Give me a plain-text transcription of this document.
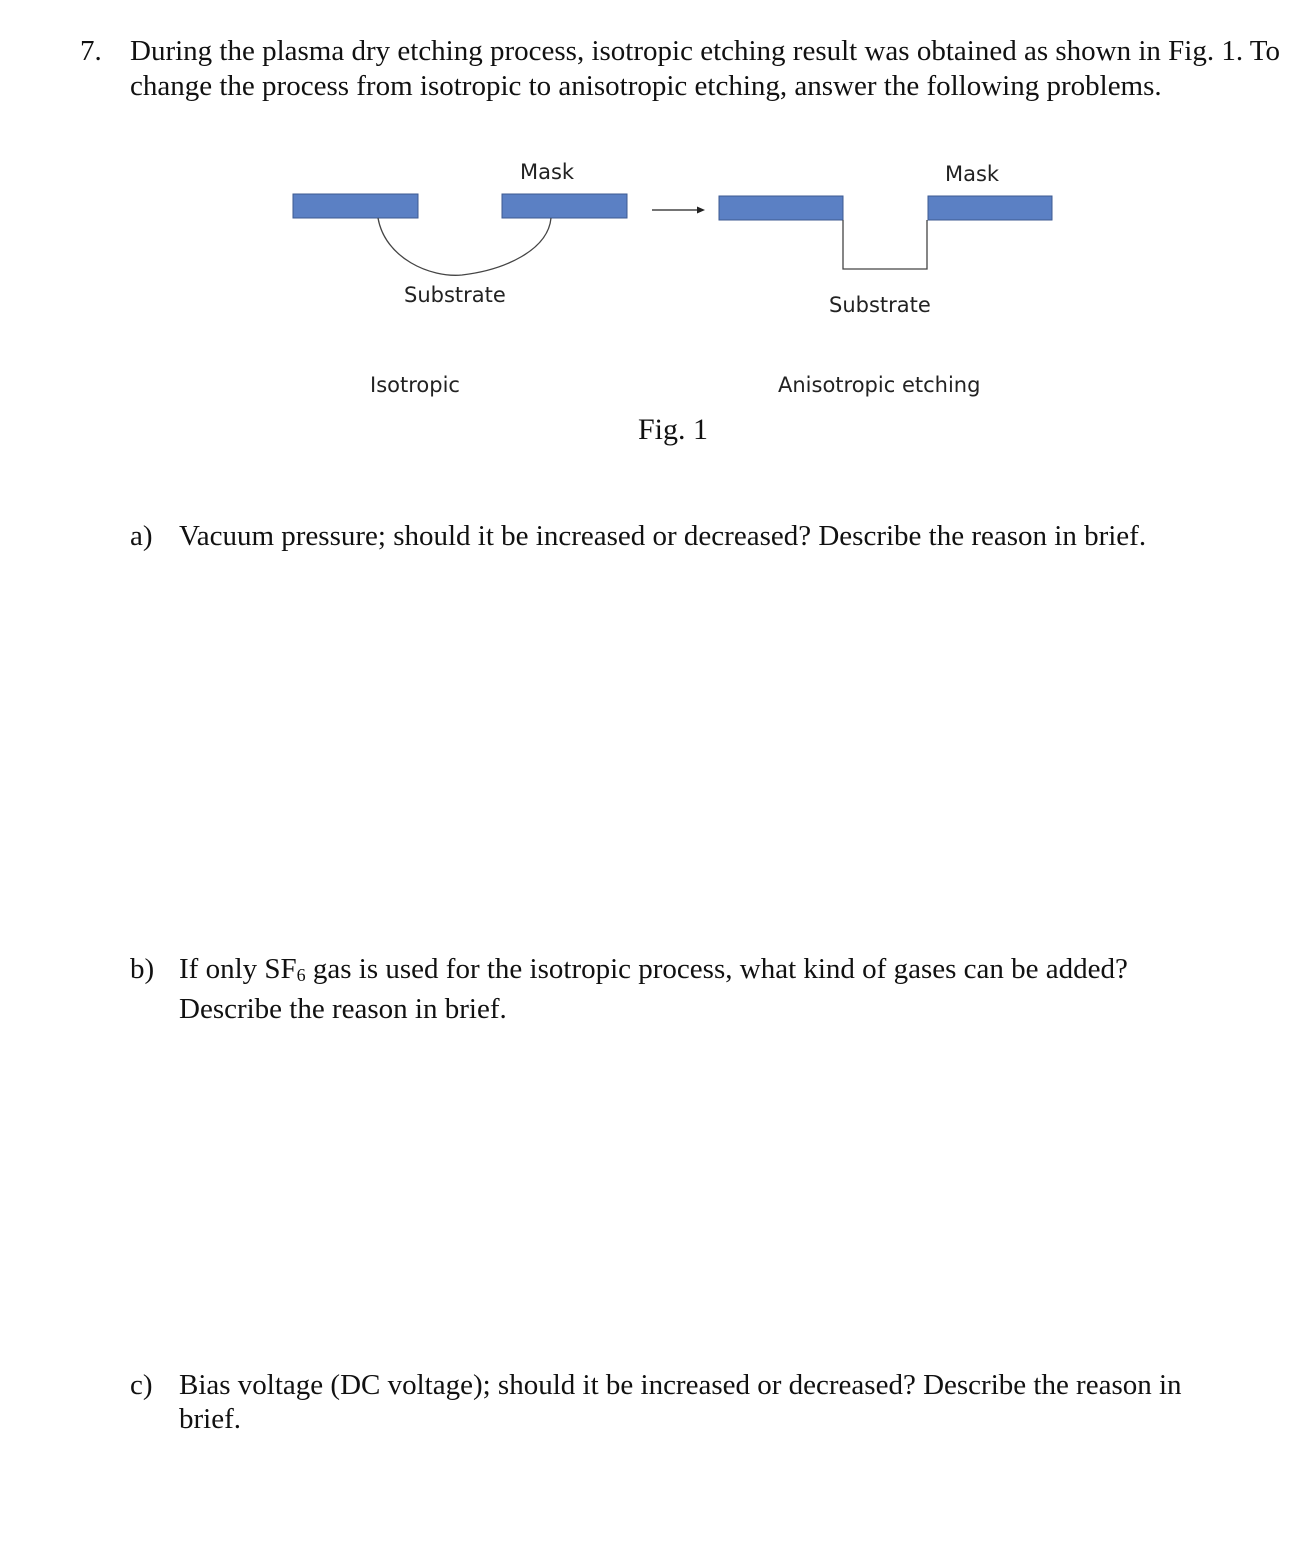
7. During the plasma dry etching process, isotropic etching result was obtained as shown in Fig. 1. To change the process from isotropic to anisotropic etching, answer the following problems.
Mask
Substrate
Isotropic
Mask
Substrate
Anisotropic etching
Fig. 1
a) Vacuum pressure; should it be increased or decreased? Describe the reason in brief.
b) If only $SF_6$ gas is used for the isotropic process, what kind of gases can be added? Describe the reason in brief.
c) Bias voltage (DC voltage); should it be increased or decreased? Describe the reason in brief.
